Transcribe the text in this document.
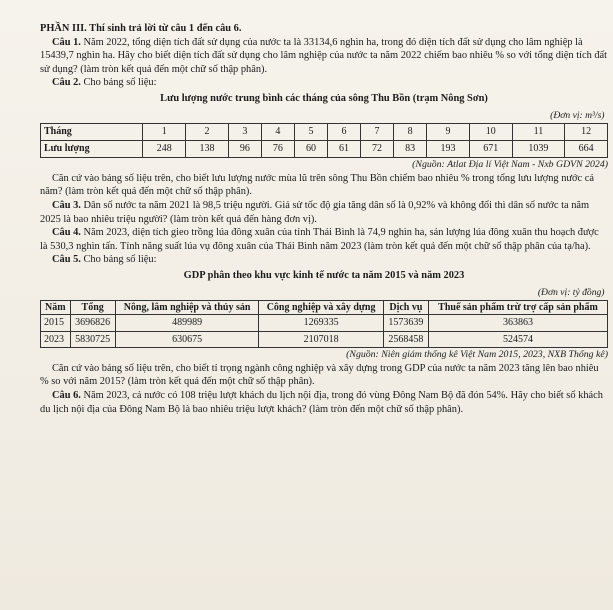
PHẦN III. Thí sinh trả lời từ câu 1 đến câu 6.

Câu 1. Năm 2022, tổng diện tích đất sử dụng của nước ta là 33134,6 nghìn ha, trong đó diện tích đất sử dụng cho lâm nghiệp là 15439,7 nghìn ha. Hãy cho biết diện tích đất sử dụng cho lâm nghiệp của nước ta năm 2022 chiếm bao nhiêu % so với tổng diện tích đất sử dụng? (làm tròn kết quả đến một chữ số thập phân).

Câu 2. Cho bảng số liệu:

Lưu lượng nước trung bình các tháng của sông Thu Bồn (trạm Nông Sơn)

(Đơn vị: m³/s)												
Tháng	1	2	3	4	5	6	7	8	9	10	11	12
Lưu lượng	248	138	96	76	60	61	72	83	193	671	1039	664

(Nguồn: Atlat Địa lí Việt Nam - Nxb GDVN 2024)

Căn cứ vào bảng số liệu trên, cho biết lưu lượng nước mùa lũ trên sông Thu Bồn chiếm bao nhiêu % trong tổng lưu lượng nước cả năm? (làm tròn kết quả đến một chữ số thập phân).

Câu 3. Dân số nước ta năm 2021 là 98,5 triệu người. Giả sử tốc độ gia tăng dân số là 0,92% và không đổi thì dân số nước ta năm 2025 là bao nhiêu triệu người? (làm tròn kết quả đến hàng đơn vị).

Câu 4. Năm 2023, diện tích gieo trồng lúa đông xuân của tỉnh Thái Bình là 74,9 nghìn ha, sản lượng lúa đông xuân thu hoạch được là 530,3 nghìn tấn. Tính năng suất lúa vụ đông xuân của Thái Bình năm 2023 (làm tròn kết quả đến một chữ số thập phân của tạ/ha).

Câu 5. Cho bảng số liệu:

GDP phân theo khu vực kinh tế nước ta năm 2015 và năm 2023

(Đơn vị: tỷ đồng)					
Năm	Tổng	Nông, lâm nghiệp và thủy sản	Công nghiệp và xây dựng	Dịch vụ	Thuế sản phẩm trừ trợ cấp sản phẩm
2015	3696826	489989	1269335	1573639	363863
2023	5830725	630675	2107018	2568458	524574

(Nguồn: Niên giám thống kê Việt Nam 2015, 2023, NXB Thống kê)

Căn cứ vào bảng số liệu trên, cho biết tỉ trọng ngành công nghiệp và xây dựng trong GDP của nước ta năm 2023 tăng lên bao nhiêu % so với năm 2015? (làm tròn kết quả đến một chữ số thập phân).

Câu 6. Năm 2023, cả nước có 108 triệu lượt khách du lịch nội địa, trong đó vùng Đông Nam Bộ đã đón 54%. Hãy cho biết số khách du lịch nội địa của Đông Nam Bộ là bao nhiêu triệu lượt khách? (làm tròn đến một chữ số thập phân).
